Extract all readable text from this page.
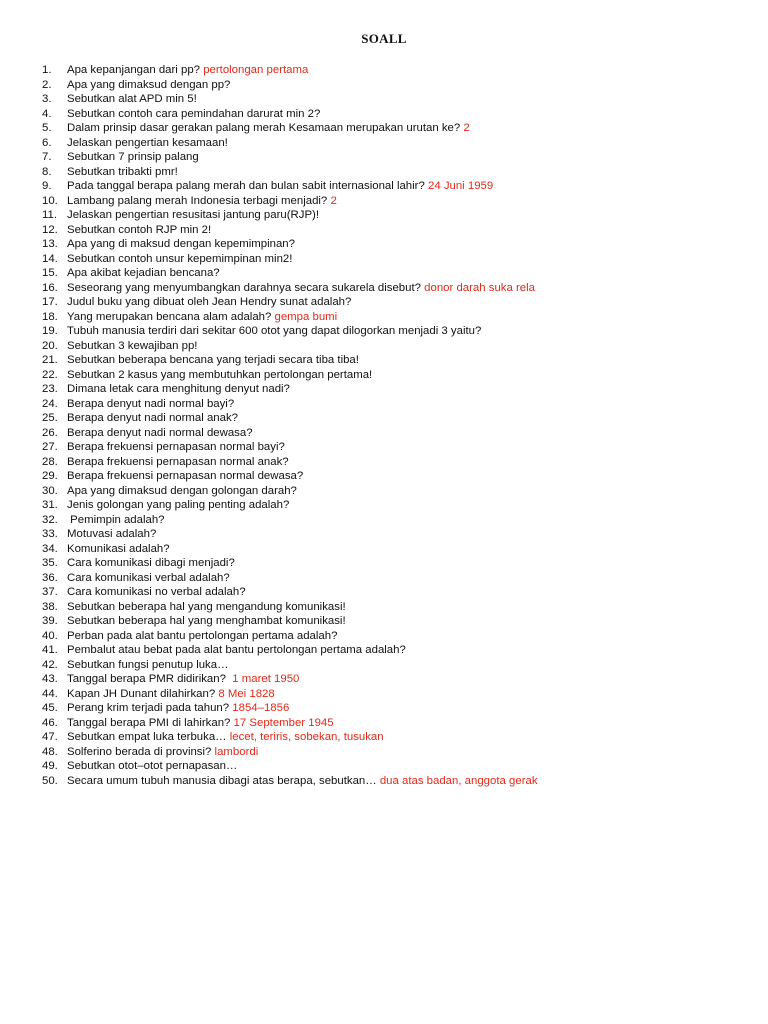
SOALL
1.	Apa kepanjangan dari pp? pertolongan pertama
2.	Apa yang dimaksud dengan pp?
3.	Sebutkan alat APD min 5!
4.	Sebutkan contoh cara pemindahan darurat min 2?
5.	Dalam prinsip dasar gerakan palang merah Kesamaan merupakan urutan ke? 2
6.	Jelaskan pengertian kesamaan!
7.	Sebutkan 7 prinsip palang
8.	Sebutkan tribakti pmr!
9.	Pada tanggal berapa palang merah dan bulan sabit internasional lahir? 24 Juni 1959
10. Lambang palang merah Indonesia terbagi menjadi? 2
11. Jelaskan pengertian resusitasi jantung paru(RJP)!
12. Sebutkan contoh RJP min 2!
13. Apa yang di maksud dengan kepemimpinan?
14. Sebutkan contoh unsur kepemimpinan min2!
15. Apa akibat kejadian bencana?
16. Seseorang yang menyumbangkan darahnya secara sukarela disebut? donor darah suka rela
17. Judul buku yang dibuat oleh Jean Hendry sunat adalah?
18. Yang merupakan bencana alam adalah? gempa bumi
19. Tubuh manusia terdiri dari sekitar 600 otot yang dapat dilogorkan menjadi 3 yaitu?
20. Sebutkan 3 kewajiban pp!
21. Sebutkan beberapa bencana yang terjadi secara tiba tiba!
22. Sebutkan 2 kasus yang membutuhkan pertolongan pertama!
23. Dimana letak cara menghitung denyut nadi?
24. Berapa denyut nadi normal bayi?
25. Berapa denyut nadi normal anak?
26. Berapa denyut nadi normal dewasa?
27. Berapa frekuensi pernapasan normal bayi?
28. Berapa frekuensi pernapasan normal anak?
29. Berapa frekuensi pernapasan normal dewasa?
30. Apa yang dimaksud dengan golongan darah?
31. Jenis golongan yang paling penting adalah?
32. Pemimpin adalah?
33. Motuvasi adalah?
34. Komunikasi adalah?
35. Cara komunikasi dibagi menjadi?
36. Cara komunikasi verbal adalah?
37. Cara komunikasi no verbal adalah?
38. Sebutkan beberapa hal yang mengandung komunikasi!
39. Sebutkan beberapa hal yang menghambat komunikasi!
40. Perban pada alat bantu pertolongan pertama adalah?
41. Pembalut atau bebat pada alat bantu pertolongan pertama adalah?
42. Sebutkan fungsi penutup luka…
43. Tanggal berapa PMR didirikan?  1 maret 1950
44. Kapan JH Dunant dilahirkan? 8 Mei 1828
45. Perang krim terjadi pada tahun? 1854–1856
46. Tanggal berapa PMI di lahirkan? 17 September 1945
47. Sebutkan empat luka terbuka… lecet, teriris, sobekan, tusukan
48. Solferino berada di provinsi? lambordi
49. Sebutkan otot–otot pernapasan…
50. Secara umum tubuh manusia dibagi atas berapa, sebutkan… dua atas badan, anggota gerak
